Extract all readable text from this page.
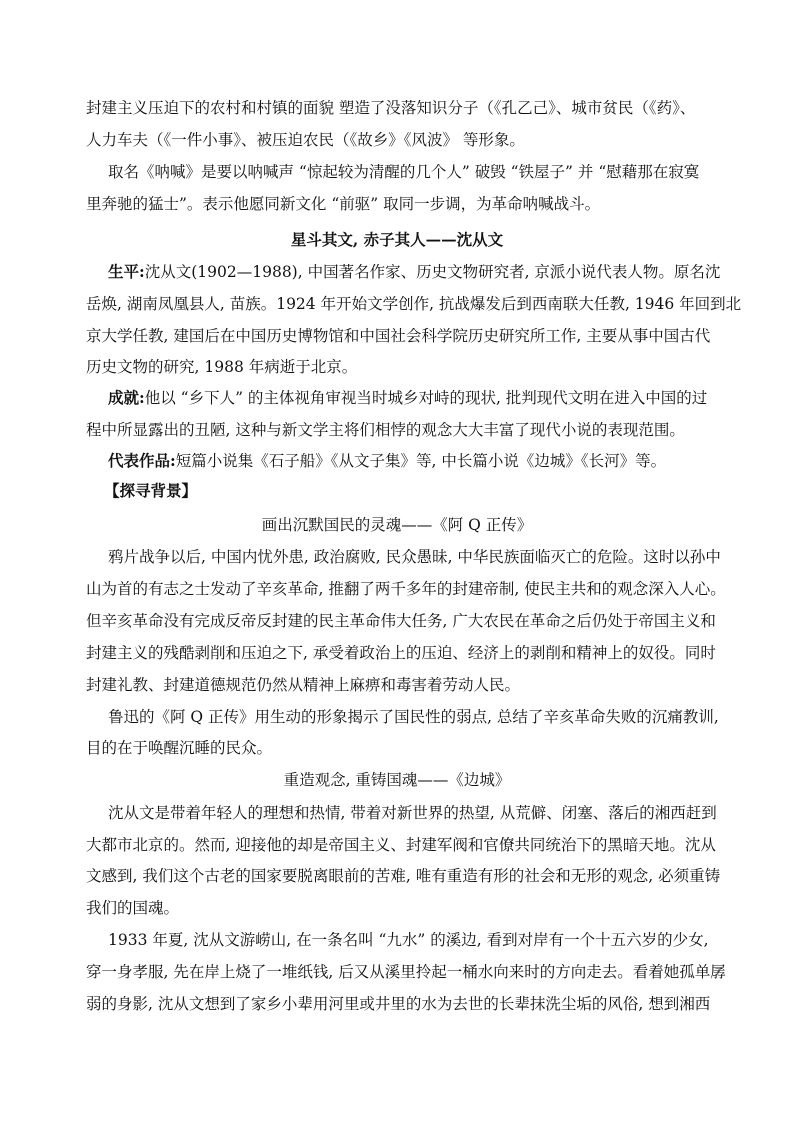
封建主义压迫下的农村和村镇的面貌 塑造了没落知识分子（《孔乙己》、城市贫民（《药》、
人力车夫（《一件小事》、被压迫农民（《故乡》《风波》 等形象。
取名《呐喊》是要以呐喊声 “惊起较为清醒的几个人” 破毁 “铁屋子” 并 “慰藉那在寂寞
里奔驰的猛士”。表示他愿同新文化 “前驱” 取同一步调，为革命呐喊战斗。
星斗其文, 赤子其人——沈从文
生平:沈从文(1902—1988), 中国著名作家、历史文物研究者, 京派小说代表人物。原名沈
岳焕, 湖南凤凰县人, 苗族。1924 年开始文学创作, 抗战爆发后到西南联大任教, 1946 年回到北
京大学任教, 建国后在中国历史博物馆和中国社会科学院历史研究所工作, 主要从事中国古代
历史文物的研究, 1988 年病逝于北京。
成就:他以 “乡下人” 的主体视角审视当时城乡对峙的现状, 批判现代文明在进入中国的过
程中所显露出的丑陋, 这种与新文学主将们相悖的观念大大丰富了现代小说的表现范围。
代表作品:短篇小说集《石子船》《从文子集》等, 中长篇小说《边城》《长河》等。
【探寻背景】
画出沉默国民的灵魂——《阿 Q 正传》
鸦片战争以后, 中国内忧外患, 政治腐败, 民众愚昧, 中华民族面临灭亡的危险。这时以孙中
山为首的有志之士发动了辛亥革命, 推翻了两千多年的封建帝制, 使民主共和的观念深入人心。
但辛亥革命没有完成反帝反封建的民主革命伟大任务, 广大农民在革命之后仍处于帝国主义和
封建主义的残酷剥削和压迫之下, 承受着政治上的压迫、经济上的剥削和精神上的奴役。同时
封建礼教、封建道德规范仍然从精神上麻痹和毒害着劳动人民。
鲁迅的《阿 Q 正传》用生动的形象揭示了国民性的弱点, 总结了辛亥革命失败的沉痛教训,
目的在于唤醒沉睡的民众。
重造观念, 重铸国魂——《边城》
沈从文是带着年轻人的理想和热情, 带着对新世界的热望, 从荒僻、闭塞、落后的湘西赶到
大都市北京的。然而, 迎接他的却是帝国主义、封建军阀和官僚共同统治下的黑暗天地。沈从
文感到, 我们这个古老的国家要脱离眼前的苦难, 唯有重造有形的社会和无形的观念, 必须重铸
我们的国魂。
1933 年夏, 沈从文游崂山, 在一条名叫 “九水” 的溪边, 看到对岸有一个十五六岁的少女,
穿一身孝服, 先在岸上烧了一堆纸钱, 后又从溪里拎起一桶水向来时的方向走去。看着她孤单孱
弱的身影, 沈从文想到了家乡小辈用河里或井里的水为去世的长辈抹洗尘垢的风俗, 想到湘西
